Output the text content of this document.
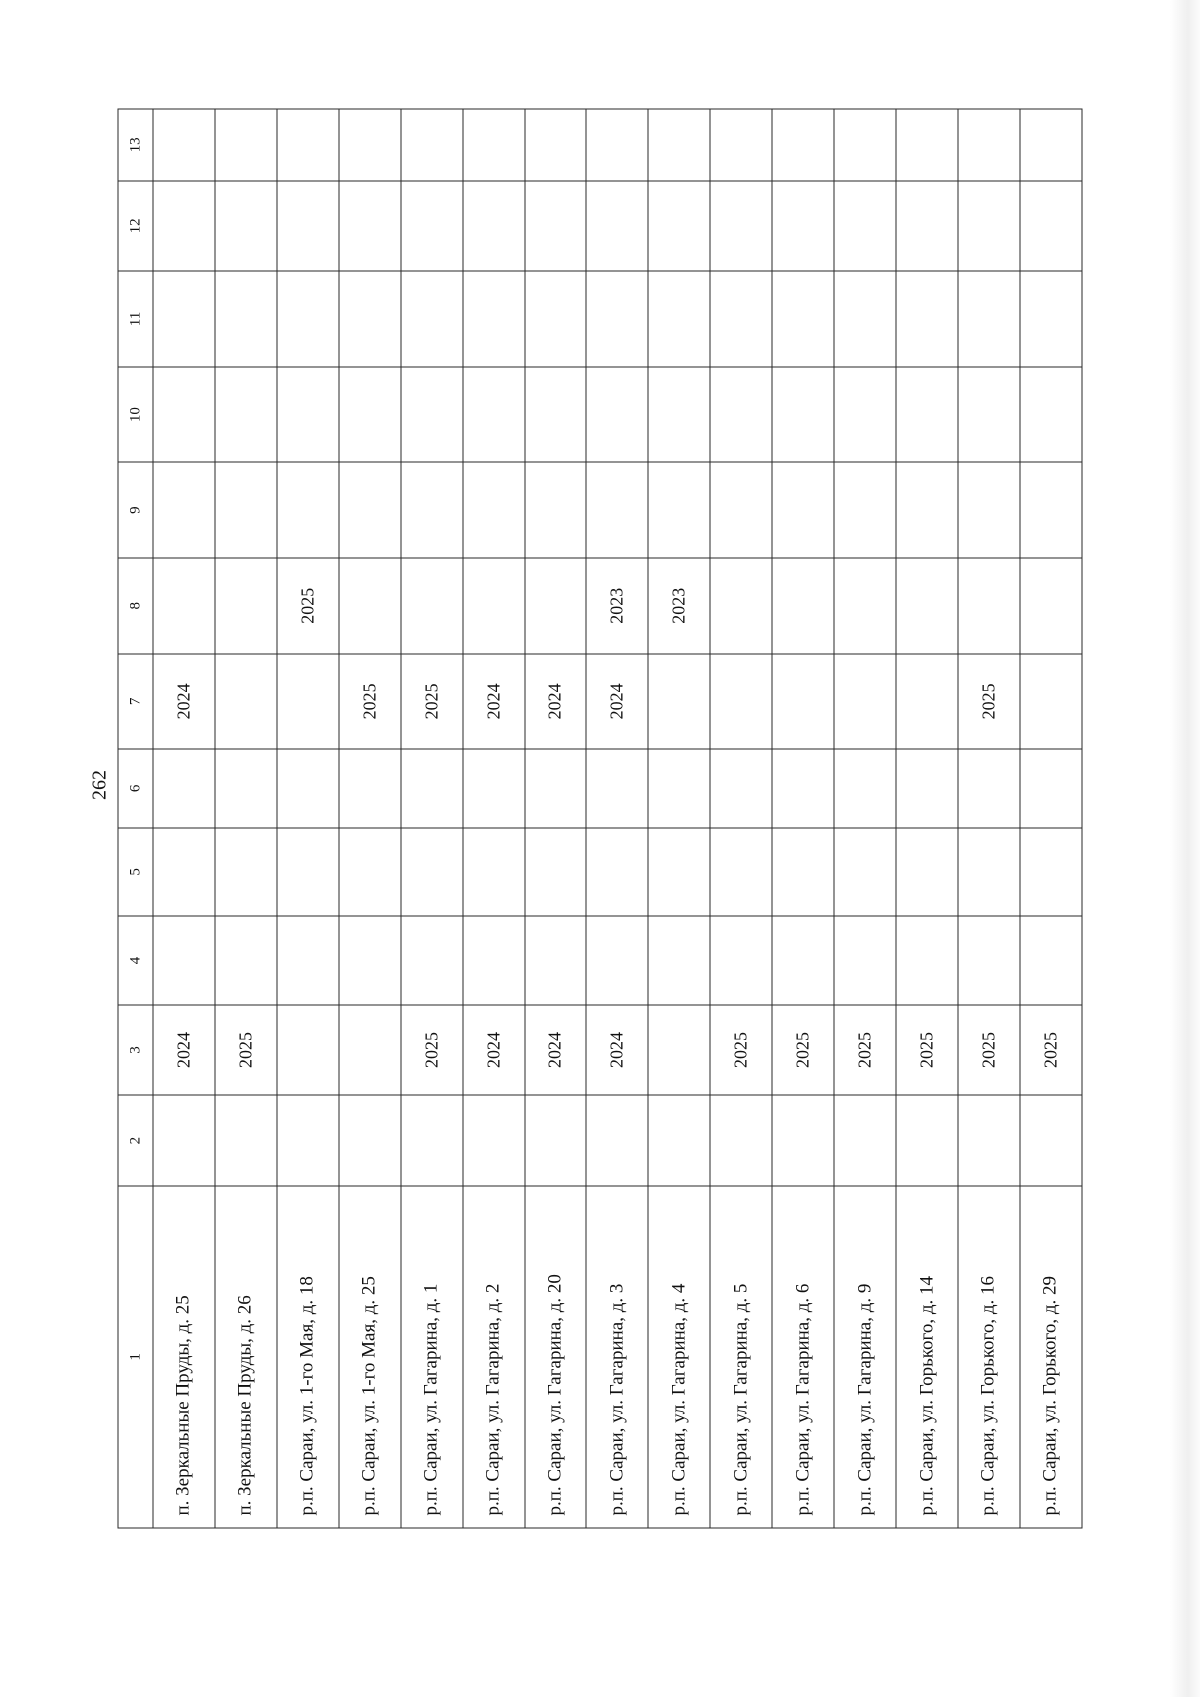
262
1	2	3	4	5	6	7	8	9	10	11	12	13
п. Зеркальные Пруды, д. 25		2024				2024						
п. Зеркальные Пруды, д. 26		2025										
р.п. Сараи, ул. 1-го Мая, д. 18							2025					
р.п. Сараи, ул. 1-го Мая, д. 25						2025						
р.п. Сараи, ул. Гагарина, д. 1		2025				2025						
р.п. Сараи, ул. Гагарина, д. 2		2024				2024						
р.п. Сараи, ул. Гагарина, д. 20		2024				2024						
р.п. Сараи, ул. Гагарина, д. 3		2024				2024	2023					
р.п. Сараи, ул. Гагарина, д. 4							2023					
р.п. Сараи, ул. Гагарина, д. 5		2025										
р.п. Сараи, ул. Гагарина, д. 6		2025										
р.п. Сараи, ул. Гагарина, д. 9		2025										
р.п. Сараи, ул. Горького, д. 14		2025										
р.п. Сараи, ул. Горького, д. 16		2025				2025						
р.п. Сараи, ул. Горького, д. 29		2025										
